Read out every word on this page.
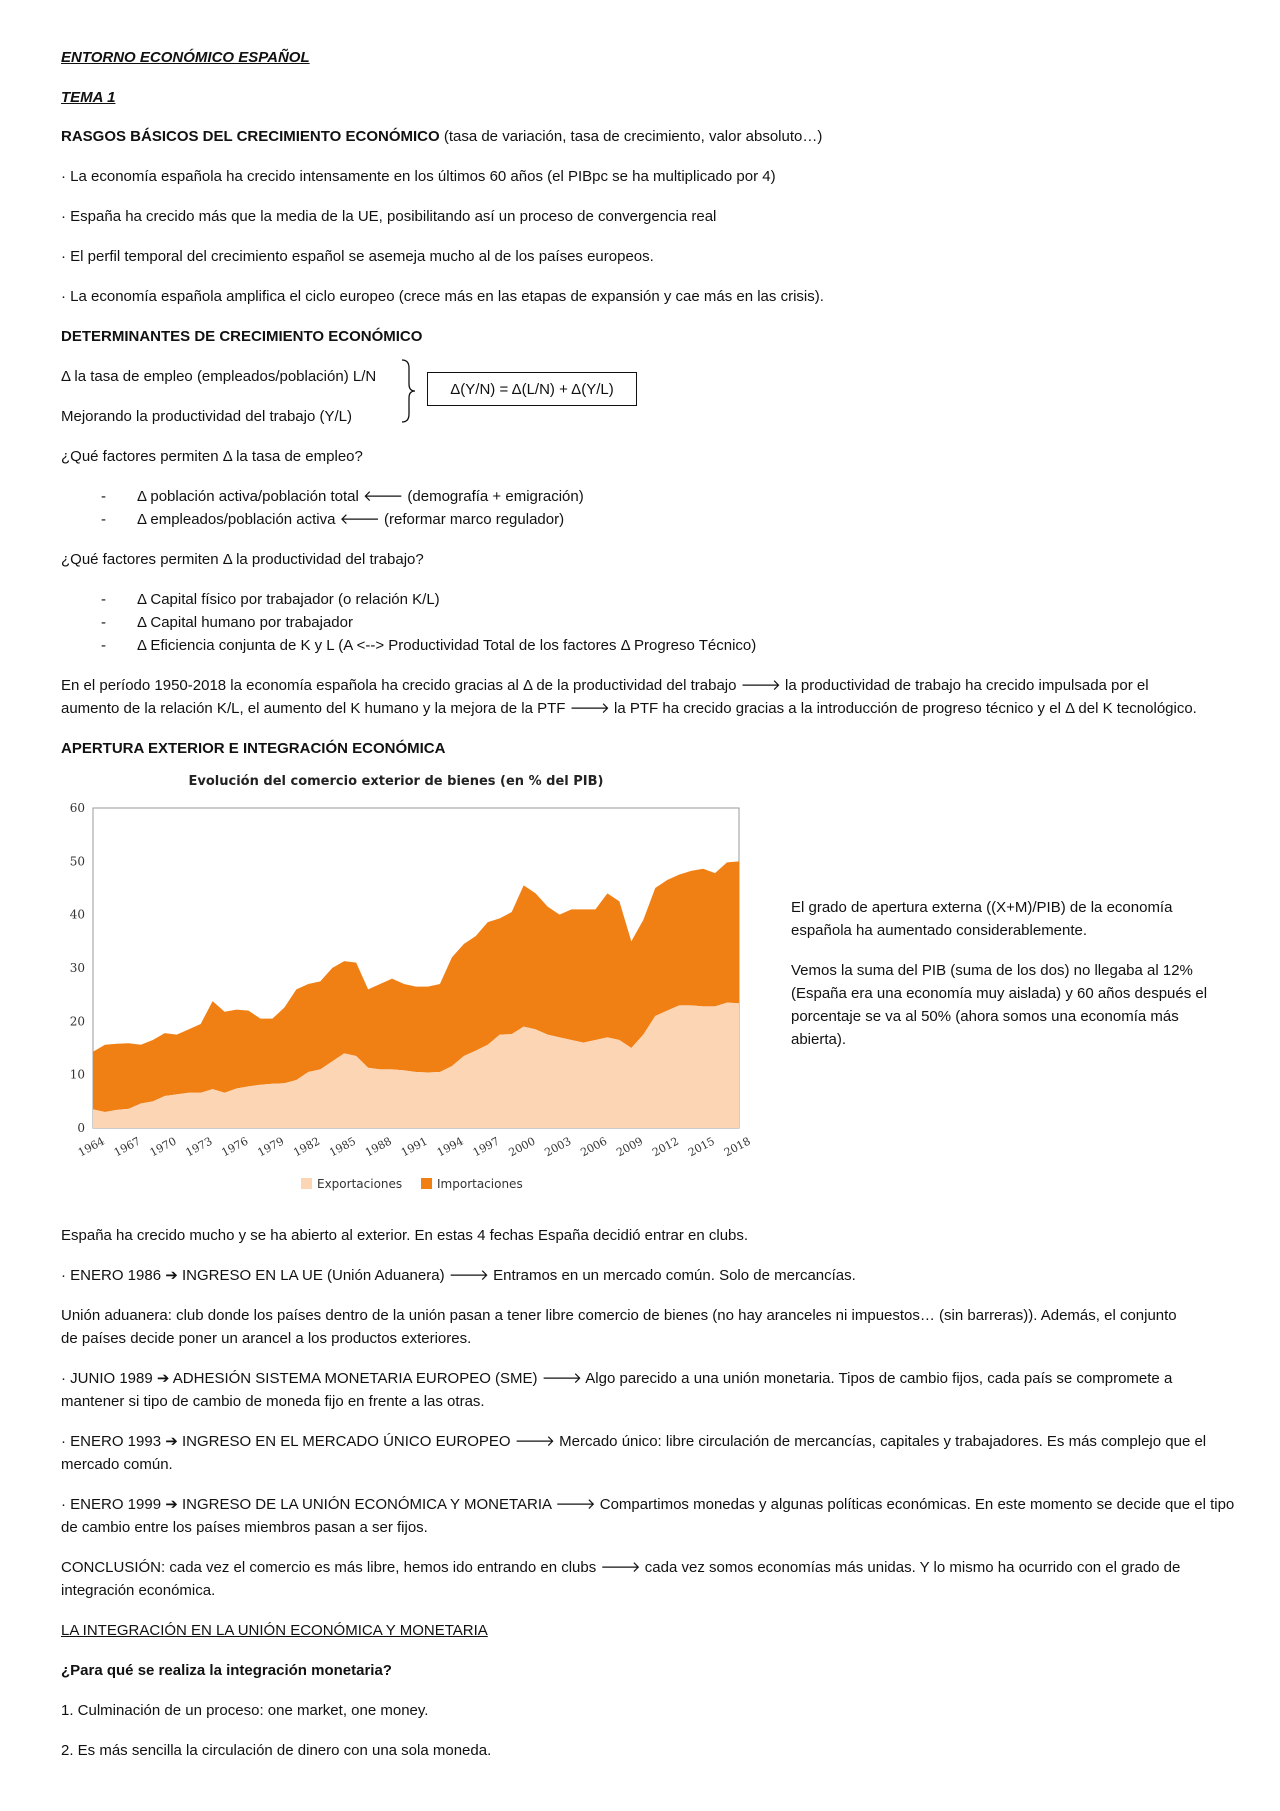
ENTORNO ECONÓMICO ESPAÑOL
TEMA 1
RASGOS BÁSICOS DEL CRECIMIENTO ECONÓMICO (tasa de variación, tasa de crecimiento, valor absoluto…)
· La economía española ha crecido intensamente en los últimos 60 años (el PIBpc se ha multiplicado por 4)
· España ha crecido más que la media de la UE, posibilitando así un proceso de convergencia real
· El perfil temporal del crecimiento español se asemeja mucho al de los países europeos.
· La economía española amplifica el ciclo europeo (crece más en las etapas de expansión y cae más en las crisis).
DETERMINANTES DE CRECIMIENTO ECONÓMICO
Δ la tasa de empleo (empleados/población) L/N
Mejorando la productividad del trabajo (Y/L)
Δ(Y/N) = Δ(L/N) + Δ(Y/L)
¿Qué factores permiten Δ la tasa de empleo?
- Δ población activa/población total 🡐 (demografía + emigración)
- Δ empleados/población activa 🡐 (reformar marco regulador)
¿Qué factores permiten Δ la productividad del trabajo?
- Δ Capital físico por trabajador (o relación K/L)
- Δ Capital humano por trabajador
- Δ Eficiencia conjunta de K y L (A <--> Productividad Total de los factores Δ Progreso Técnico)
En el período 1950-2018 la economía española ha crecido gracias al Δ de la productividad del trabajo 🡒 la productividad de trabajo ha crecido impulsada por el
aumento de la relación K/L, el aumento del K humano y la mejora de la PTF 🡒 la PTF ha crecido gracias a la introducción de progreso técnico y el Δ del K tecnológico.
APERTURA EXTERIOR E INTEGRACIÓN ECONÓMICA
Evolución del comercio exterior de bienes (en % del PIB)
0
10
20
30
40
50
60
1964 1967 1970 1973 1976 1979 1982 1985 1988 1991 1994 1997 2000 2003 2006 2009 2012 2015 2018
Exportaciones	Importaciones
El grado de apertura externa ((X+M)/PIB) de la economía
española ha aumentado considerablemente.
Vemos la suma del PIB (suma de los dos) no llegaba al 12%
(España era una economía muy aislada) y 60 años después el
porcentaje se va al 50% (ahora somos una economía más
abierta).
España ha crecido mucho y se ha abierto al exterior. En estas 4 fechas España decidió entrar en clubs.
· ENERO 1986 ➔ INGRESO EN LA UE (Unión Aduanera) 🡒 Entramos en un mercado común. Solo de mercancías.
Unión aduanera: club donde los países dentro de la unión pasan a tener libre comercio de bienes (no hay aranceles ni impuestos… (sin barreras)). Además, el conjunto
de países decide poner un arancel a los productos exteriores.
· JUNIO 1989 ➔ ADHESIÓN SISTEMA MONETARIA EUROPEO (SME) 🡒 Algo parecido a una unión monetaria. Tipos de cambio fijos, cada país se compromete a
mantener si tipo de cambio de moneda fijo en frente a las otras.
· ENERO 1993 ➔ INGRESO EN EL MERCADO ÚNICO EUROPEO 🡒 Mercado único: libre circulación de mercancías, capitales y trabajadores. Es más complejo que el
mercado común.
· ENERO 1999 ➔ INGRESO DE LA UNIÓN ECONÓMICA Y MONETARIA 🡒 Compartimos monedas y algunas políticas económicas. En este momento se decide que el tipo
de cambio entre los países miembros pasan a ser fijos.
CONCLUSIÓN: cada vez el comercio es más libre, hemos ido entrando en clubs 🡒 cada vez somos economías más unidas. Y lo mismo ha ocurrido con el grado de
integración económica.
LA INTEGRACIÓN EN LA UNIÓN ECONÓMICA Y MONETARIA
¿Para qué se realiza la integración monetaria?
1. Culminación de un proceso: one market, one money.
2. Es más sencilla la circulación de dinero con una sola moneda.
